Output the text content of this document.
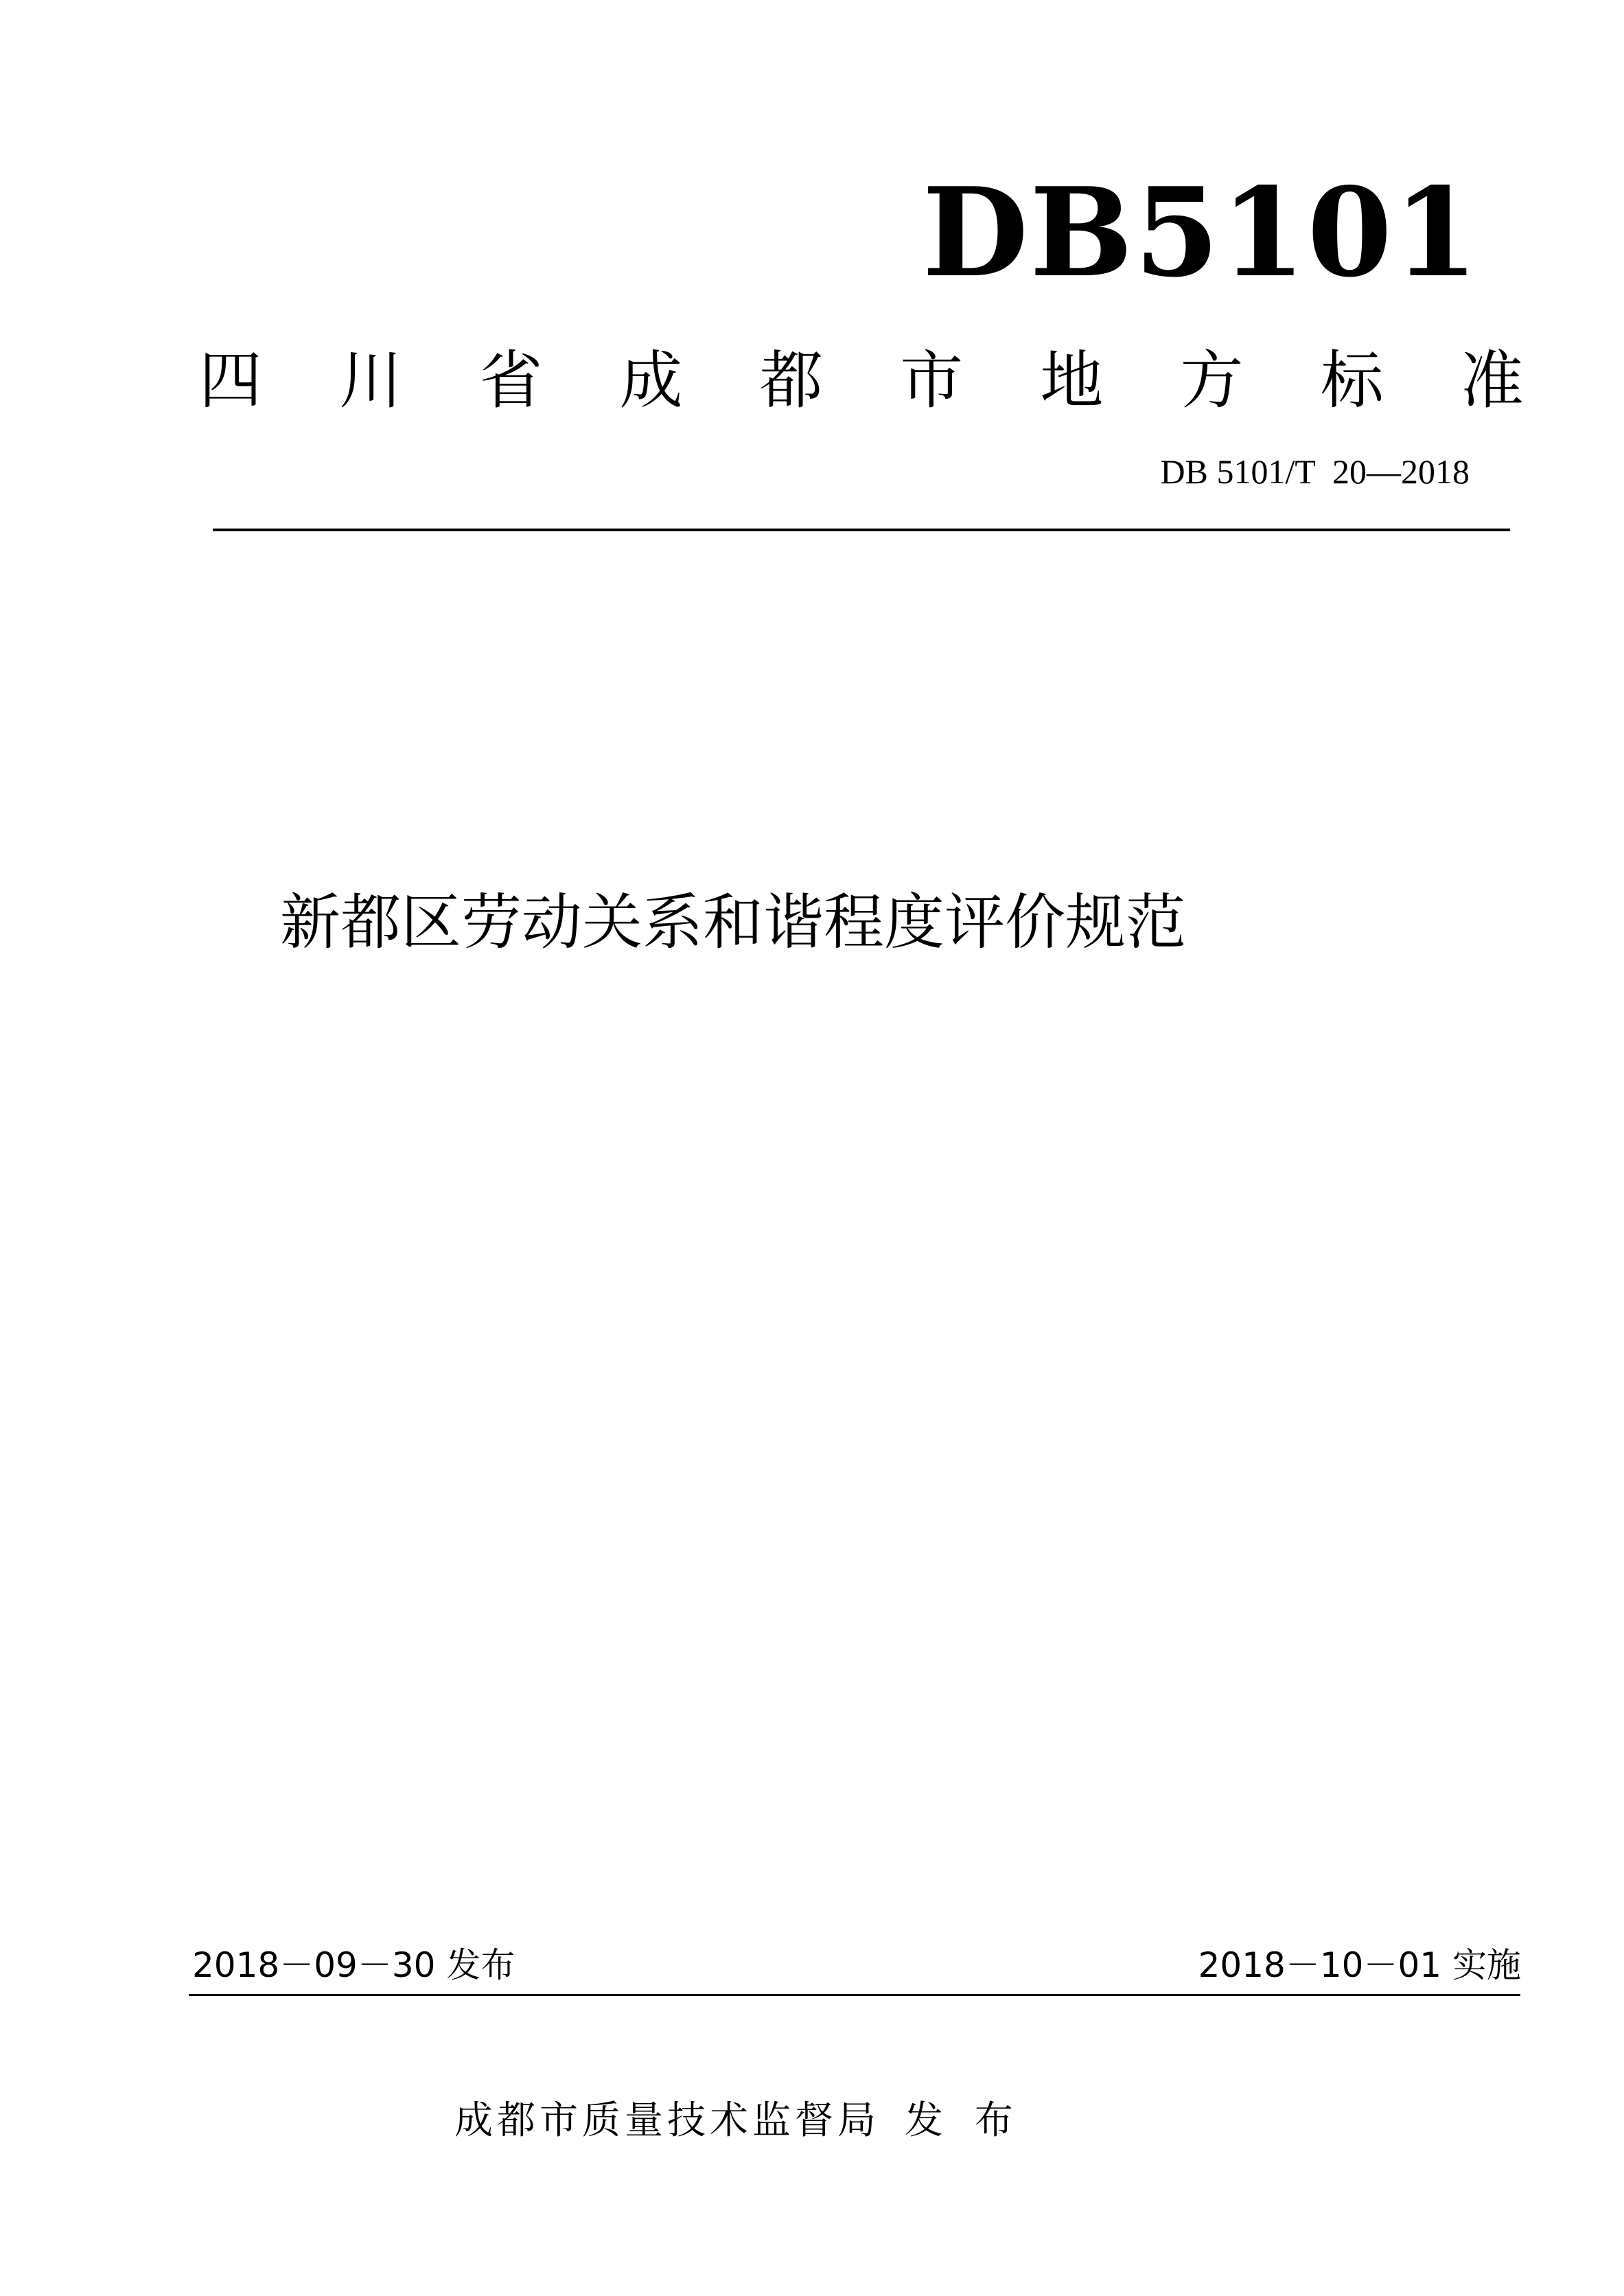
DB5101
四 川 省 成 都 市 地 方 标 准
DB 5101/T  20—2018
新都区劳动关系和谐程度评价规范
2018－09－30 发布	2018－10－01 实施
成都市质量技术监督局 发 布
